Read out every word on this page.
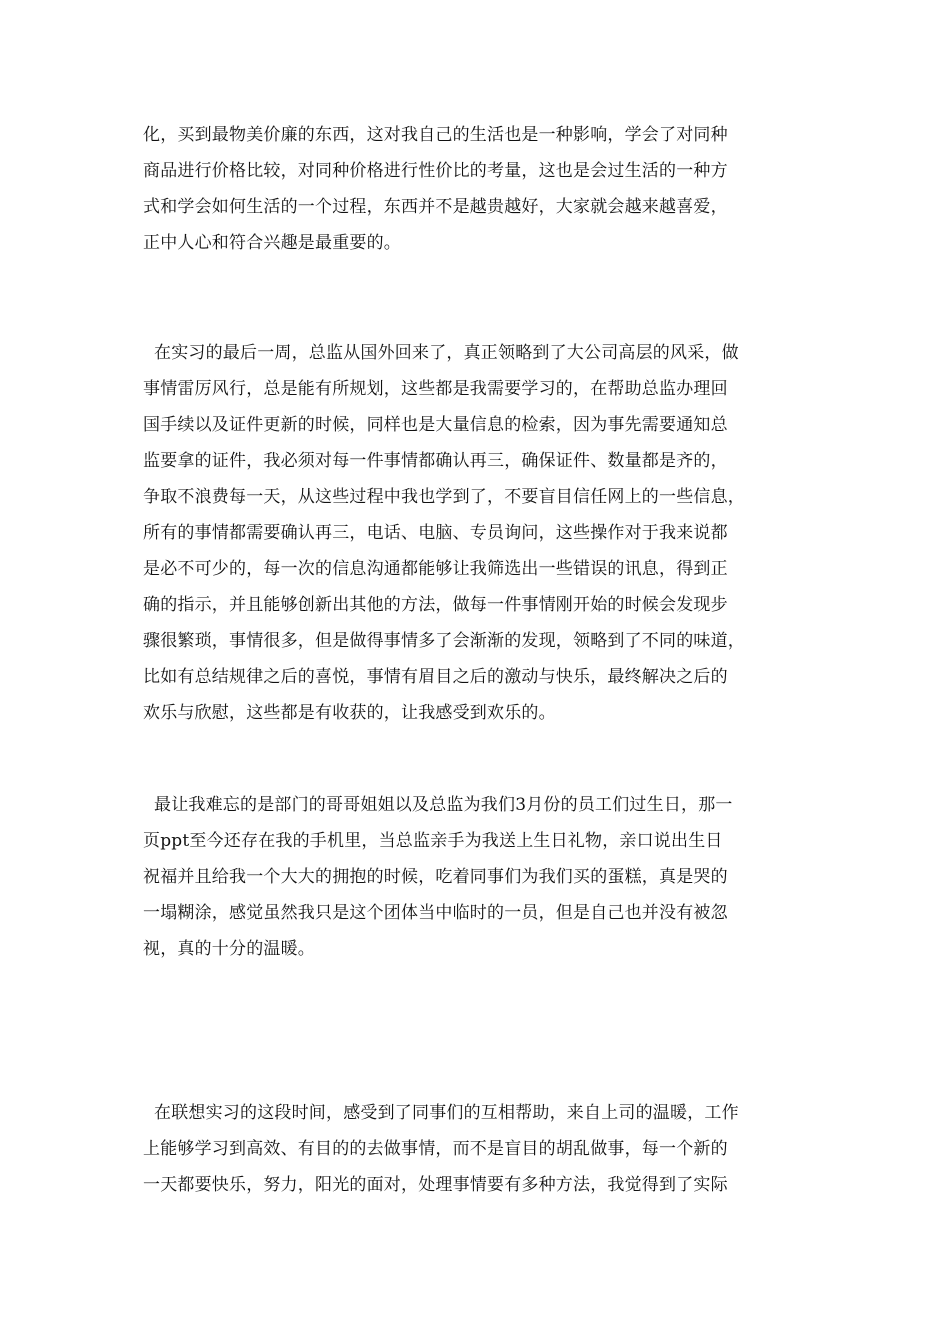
化，买到最物美价廉的东西，这对我自己的生活也是一种影响，学会了对同种
商品进行价格比较，对同种价格进行性价比的考量，这也是会过生活的一种方
式和学会如何生活的一个过程，东西并不是越贵越好，大家就会越来越喜爱，
正中人心和符合兴趣是最重要的。
在实习的最后一周，总监从国外回来了，真正领略到了大公司高层的风采，做
事情雷厉风行，总是能有所规划，这些都是我需要学习的，在帮助总监办理回
国手续以及证件更新的时候，同样也是大量信息的检索，因为事先需要通知总
监要拿的证件，我必须对每一件事情都确认再三，确保证件、数量都是齐的，
争取不浪费每一天，从这些过程中我也学到了，不要盲目信任网上的一些信息，
所有的事情都需要确认再三，电话、电脑、专员询问，这些操作对于我来说都
是必不可少的，每一次的信息沟通都能够让我筛选出一些错误的讯息，得到正
确的指示，并且能够创新出其他的方法，做每一件事情刚开始的时候会发现步
骤很繁琐，事情很多，但是做得事情多了会渐渐的发现，领略到了不同的味道，
比如有总结规律之后的喜悦，事情有眉目之后的激动与快乐，最终解决之后的
欢乐与欣慰，这些都是有收获的，让我感受到欢乐的。
最让我难忘的是部门的哥哥姐姐以及总监为我们3月份的员工们过生日，那一
页ppt至今还存在我的手机里，当总监亲手为我送上生日礼物，亲口说出生日
祝福并且给我一个大大的拥抱的时候，吃着同事们为我们买的蛋糕，真是哭的
一塌糊涂，感觉虽然我只是这个团体当中临时的一员，但是自己也并没有被忽
视，真的十分的温暖。
在联想实习的这段时间，感受到了同事们的互相帮助，来自上司的温暖，工作
上能够学习到高效、有目的的去做事情，而不是盲目的胡乱做事，每一个新的
一天都要快乐，努力，阳光的面对，处理事情要有多种方法，我觉得到了实际
